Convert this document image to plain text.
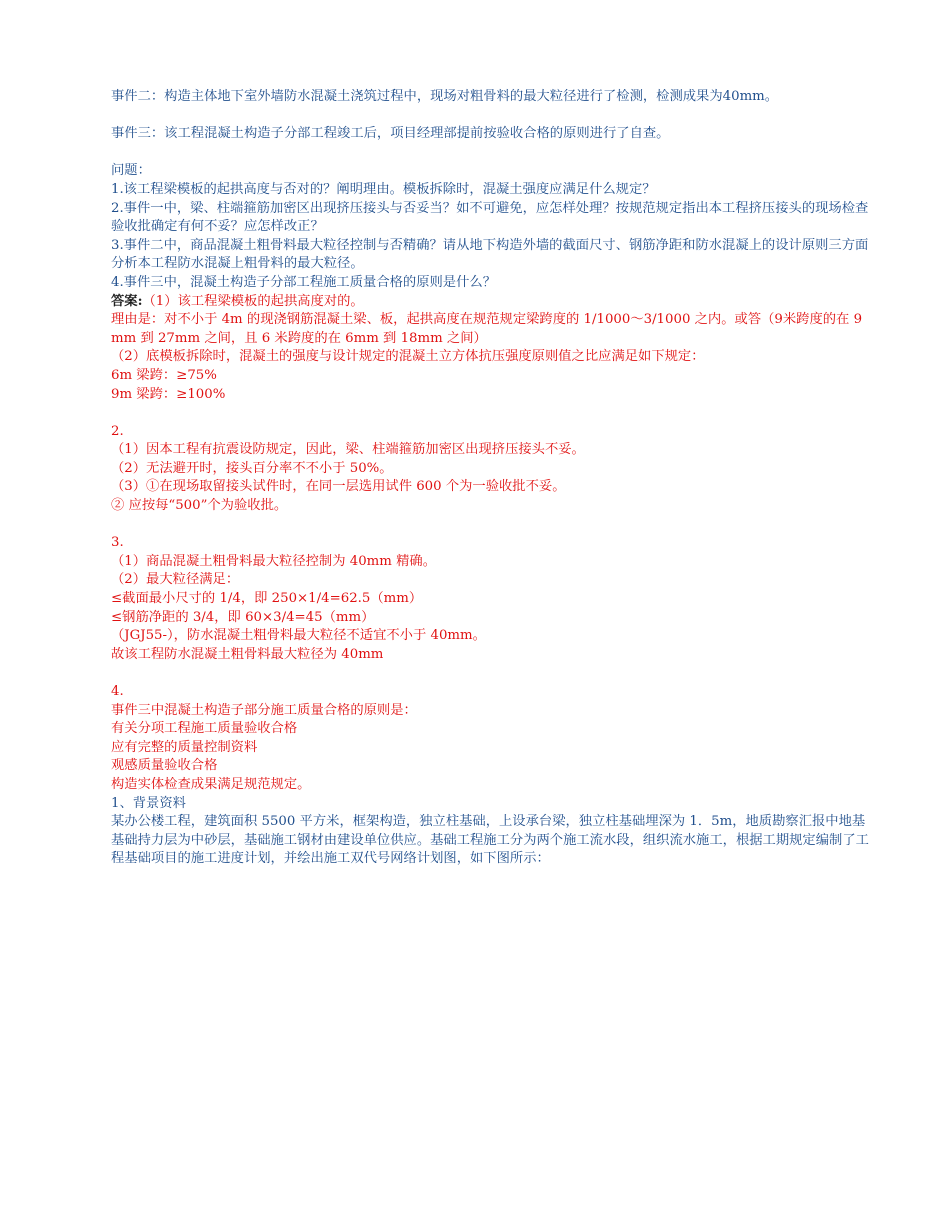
事件二：构造主体地下室外墙防水混凝土浇筑过程中，现场对粗骨料的最大粒径进行了检测，检测成果为40mm。

事件三：该工程混凝土构造子分部工程竣工后，项目经理部提前按验收合格的原则进行了自查。

问题：

1.该工程梁模板的起拱高度与否对的？阐明理由。模板拆除时，混凝土强度应满足什么规定？

2.事件一中，梁、柱端箍筋加密区出现挤压接头与否妥当？如不可避免，应怎样处理？按规范规定指出本工程挤压接头的现场检查验收批确定有何不妥？应怎样改正？

3.事件二中，商品混凝土粗骨料最大粒径控制与否精确？请从地下构造外墙的截面尺寸、钢筋净距和防水混凝上的设计原则三方面分析本工程防水混凝上粗骨料的最大粒径。

4.事件三中，混凝土构造子分部工程施工质量合格的原则是什么？

答案:（1）该工程梁模板的起拱高度对的。

理由是：对不小于 4m 的现浇钢筋混凝土梁、板，起拱高度在规范规定梁跨度的 1/1000～3/1000 之内。或答（9米跨度的在 9mm 到 27mm 之间，且 6 米跨度的在 6mm 到 18mm 之间）

（2）底模板拆除时，混凝土的强度与设计规定的混凝土立方体抗压强度原则值之比应满足如下规定：

6m 梁跨：≥75%

9m 梁跨：≥100%

2.

（1）因本工程有抗震设防规定，因此，梁、柱端箍筋加密区出现挤压接头不妥。

（2）无法避开时，接头百分率不不小于 50%。

（3）①在现场取留接头试件时，在同一层选用试件 600 个为一验收批不妥。

② 应按每“500”个为验收批。

3.

（1）商品混凝土粗骨料最大粒径控制为 40mm 精确。

（2）最大粒径满足：

≤截面最小尺寸的 1/4，即 250×1/4=62.5（mm）

≤钢筋净距的 3/4，即 60×3/4=45（mm）

（JGJ55-），防水混凝土粗骨料最大粒径不适宜不小于 40mm。

故该工程防水混凝土粗骨料最大粒径为 40mm

4.

事件三中混凝土构造子部分施工质量合格的原则是：

有关分项工程施工质量验收合格

应有完整的质量控制资料

观感质量验收合格

构造实体检查成果满足规范规定。

1、背景资料

某办公楼工程，建筑面积 5500 平方米，框架构造，独立柱基础，上设承台梁，独立柱基础埋深为 1．5m，地质勘察汇报中地基基础持力层为中砂层，基础施工钢材由建设单位供应。基础工程施工分为两个施工流水段，组织流水施工，根据工期规定编制了工程基础项目的施工进度计划，并绘出施工双代号网络计划图，如下图所示：
